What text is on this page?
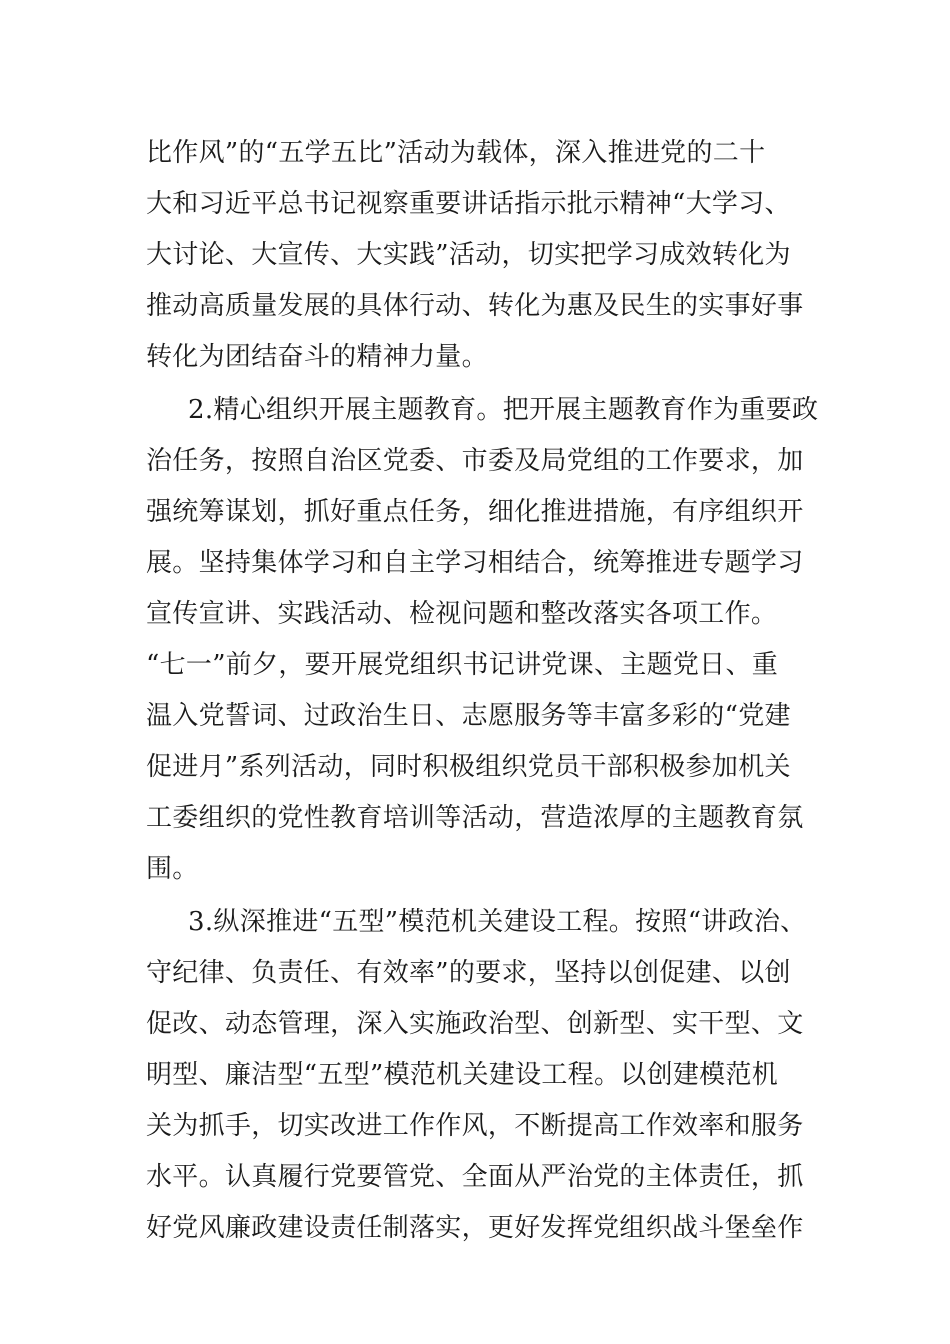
比作风”的“五学五比”活动为载体，深入推进党的二十
大和习近平总书记视察重要讲话指示批示精神“大学习、
大讨论、大宣传、大实践”活动，切实把学习成效转化为
推动高质量发展的具体行动、转化为惠及民生的实事好事
转化为团结奋斗的精神力量。
2.精心组织开展主题教育。把开展主题教育作为重要政
治任务，按照自治区党委、市委及局党组的工作要求，加
强统筹谋划，抓好重点任务，细化推进措施，有序组织开
展。坚持集体学习和自主学习相结合，统筹推进专题学习
宣传宣讲、实践活动、检视问题和整改落实各项工作。
“七一”前夕，要开展党组织书记讲党课、主题党日、重
温入党誓词、过政治生日、志愿服务等丰富多彩的“党建
促进月”系列活动，同时积极组织党员干部积极参加机关
工委组织的党性教育培训等活动，营造浓厚的主题教育氛
围。
3.纵深推进“五型”模范机关建设工程。按照“讲政治、
守纪律、负责任、有效率”的要求，坚持以创促建、以创
促改、动态管理，深入实施政治型、创新型、实干型、文
明型、廉洁型“五型”模范机关建设工程。以创建模范机
关为抓手，切实改进工作作风，不断提高工作效率和服务
水平。认真履行党要管党、全面从严治党的主体责任，抓
好党风廉政建设责任制落实，更好发挥党组织战斗堡垒作
